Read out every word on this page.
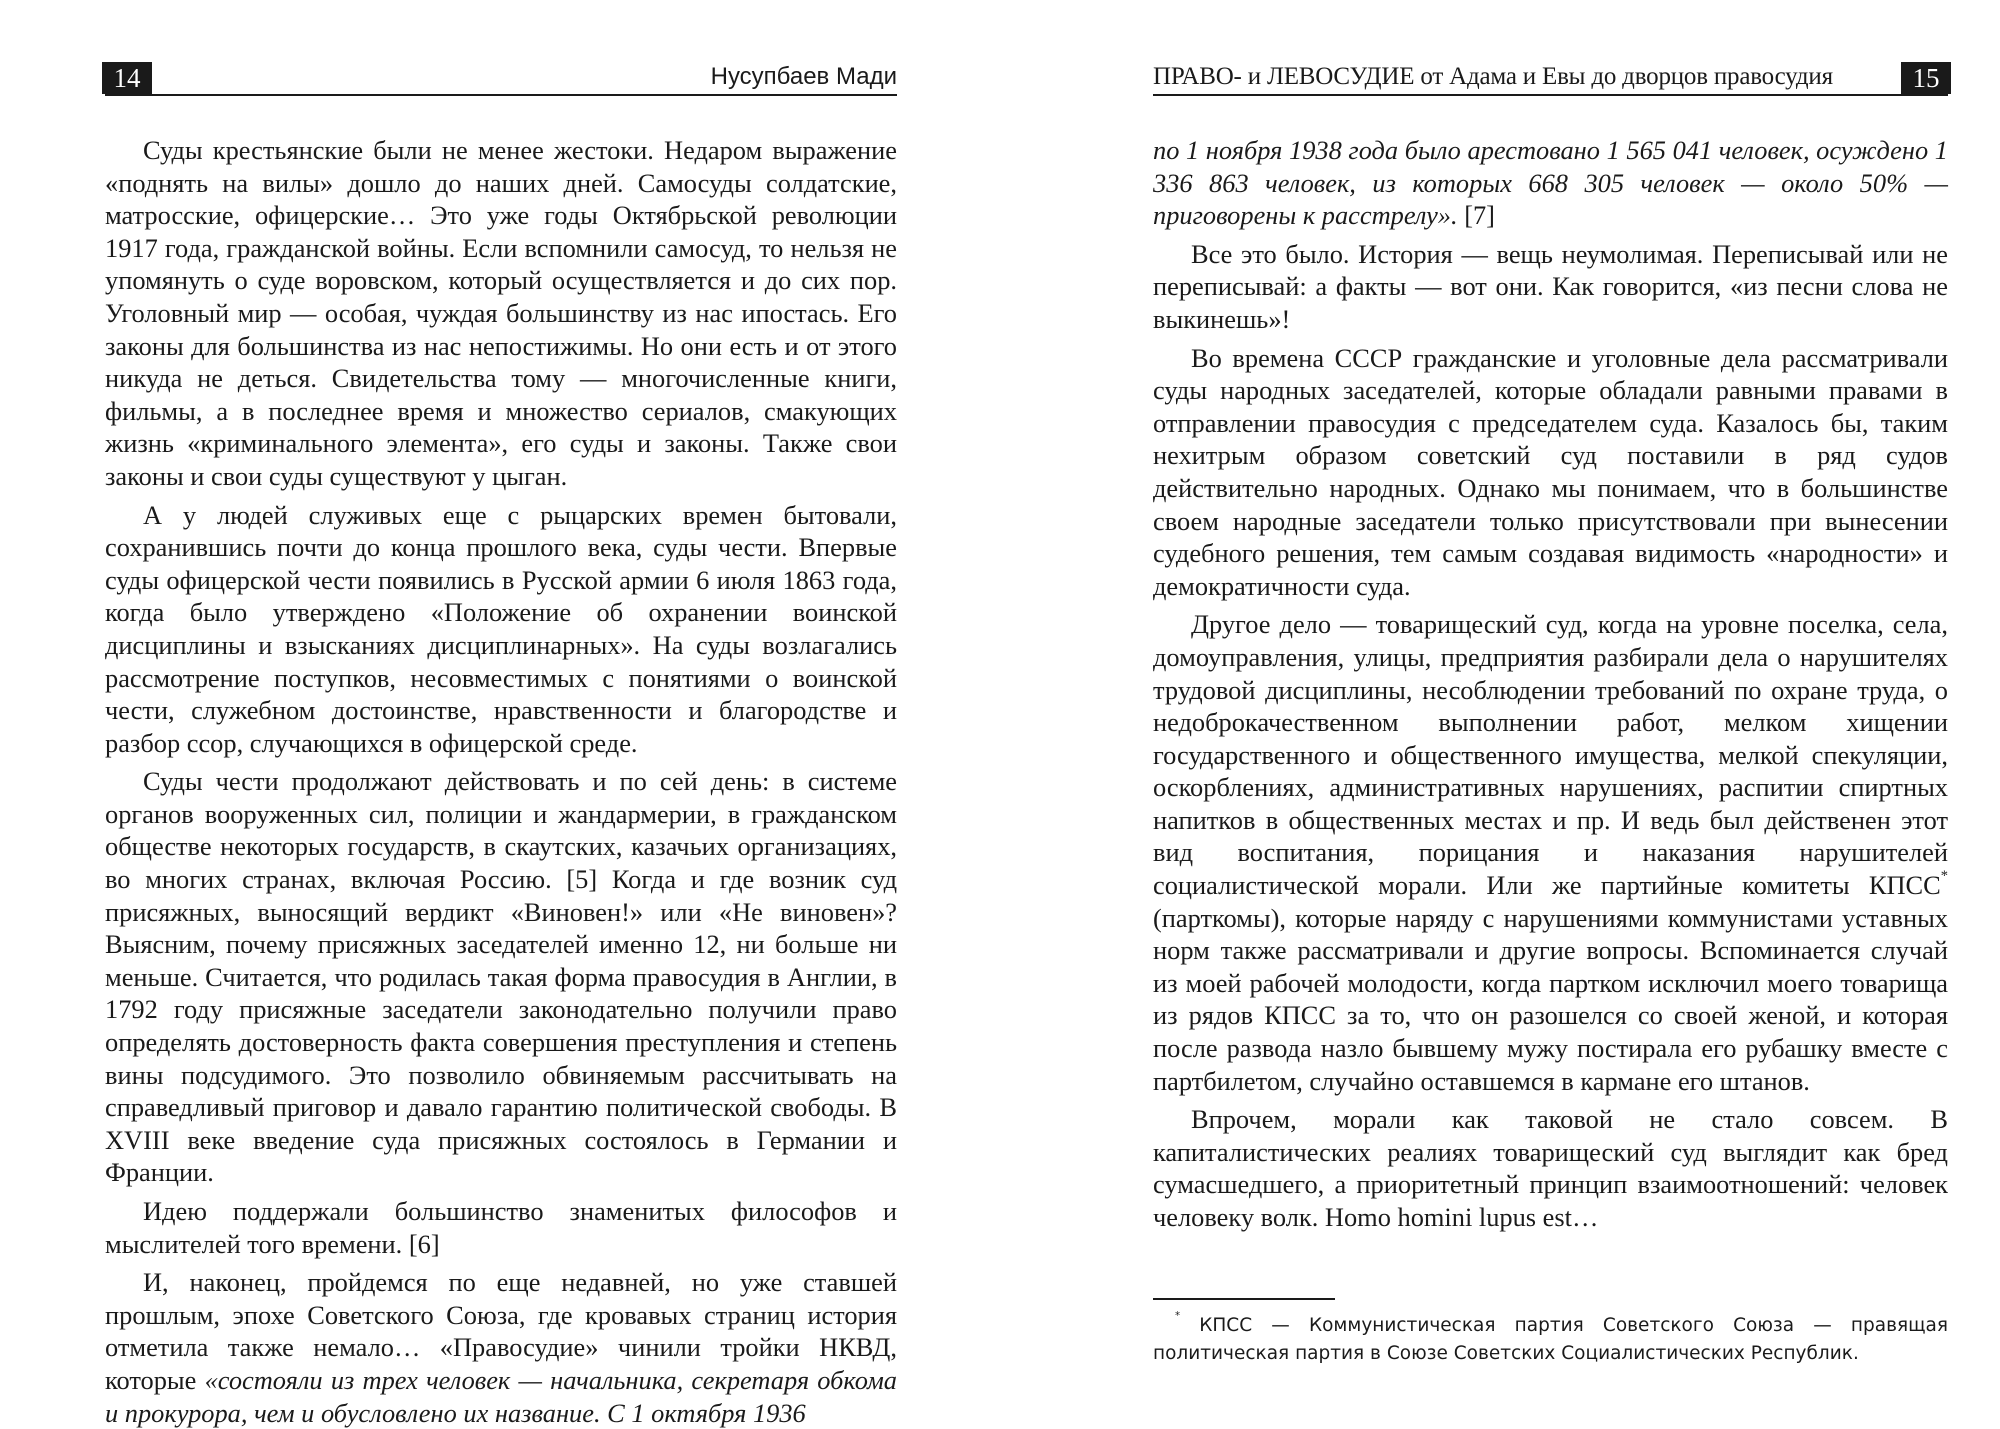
14	Нусупбаев Мади

Суды крестьянские были не менее жестоки. Недаром выражение «поднять на вилы» дошло до наших дней. Самосуды солдатские, матросские, офицерские… Это уже годы Октябрьской революции 1917 года, гражданской войны. Если вспомнили самосуд, то нельзя не упомянуть о суде воровском, который осуществляется и до сих пор. Уголовный мир — особая, чуждая большинству из нас ипостась. Его законы для большинства из нас непостижимы. Но они есть и от этого никуда не деться. Свидетельства тому — многочисленные книги, фильмы, а в последнее время и множество сериалов, смакующих жизнь «криминального элемента», его суды и законы. Также свои законы и свои суды существуют у цыган.

А у людей служивых еще с рыцарских времен бытовали, сохранившись почти до конца прошлого века, суды чести. Впервые суды офицерской чести появились в Русской армии 6 июля 1863 года, когда было утверждено «Положение об охранении воинской дисциплины и взысканиях дисциплинарных». На суды возлагались рассмотрение поступков, несовместимых с понятиями о воинской чести, служебном достоинстве, нравственности и благородстве и разбор ссор, случающихся в офицерской среде.

Суды чести продолжают действовать и по сей день: в системе органов вооруженных сил, полиции и жандармерии, в гражданском обществе некоторых государств, в скаутских, казачьих организациях, во многих странах, включая Россию. [5] Когда и где возник суд присяжных, выносящий вердикт «Виновен!» или «Не виновен»? Выясним, почему присяжных заседателей именно 12, ни больше ни меньше. Считается, что родилась такая форма правосудия в Англии, в 1792 году присяжные заседатели законодательно получили право определять достоверность факта совершения преступления и степень вины подсудимого. Это позволило обвиняемым рассчитывать на справедливый приговор и давало гарантию политической свободы. В XVIII веке введение суда присяжных состоялось в Германии и Франции.

Идею поддержали большинство знаменитых философов и мыслителей того времени. [6]

И, наконец, пройдемся по еще недавней, но уже ставшей прошлым, эпохе Советского Союза, где кровавых страниц история отметила также немало… «Правосудие» чинили тройки НКВД, которые «состояли из трех человек — начальника, секретаря обкома и прокурора, чем и обусловлено их название. С 1 октября 1936

ПРАВО- и ЛЕВОСУДИЕ от Адама и Евы до дворцов правосудия	15

по 1 ноября 1938 года было арестовано 1 565 041 человек, осуждено 1 336 863 человек, из которых 668 305 человек — около 50% — приговорены к расстрелу». [7]

Все это было. История — вещь неумолимая. Переписывай или не переписывай: а факты — вот они. Как говорится, «из песни слова не выкинешь»!

Во времена СССР гражданские и уголовные дела рассматривали суды народных заседателей, которые обладали равными правами в отправлении правосудия с председателем суда. Казалось бы, таким нехитрым образом советский суд поставили в ряд судов действительно народных. Однако мы понимаем, что в большинстве своем народные заседатели только присутствовали при вынесении судебного решения, тем самым создавая видимость «народности» и демократичности суда.

Другое дело — товарищеский суд, когда на уровне поселка, села, домоуправления, улицы, предприятия разбирали дела о нарушителях трудовой дисциплины, несоблюдении требований по охране труда, о недоброкачественном выполнении работ, мелком хищении государственного и общественного имущества, мелкой спекуляции, оскорблениях, административных нарушениях, распитии спиртных напитков в общественных местах и пр. И ведь был действенен этот вид воспитания, порицания и наказания нарушителей социалистической морали. Или же партийные комитеты КПСС* (парткомы), которые наряду с нарушениями коммунистами уставных норм также рассматривали и другие вопросы. Вспоминается случай из моей рабочей молодости, когда партком исключил моего товарища из рядов КПСС за то, что он разошелся со своей женой, и которая после развода назло бывшему мужу постирала его рубашку вместе с партбилетом, случайно оставшемся в кармане его штанов.

Впрочем, морали как таковой не стало совсем. В капиталистических реалиях товарищеский суд выглядит как бред сумасшедшего, а приоритетный принцип взаимоотношений: человек человеку волк. Homo homini lupus est…

* КПСС — Коммунистическая партия Советского Союза — правящая политическая партия в Союзе Советских Социалистических Республик.
